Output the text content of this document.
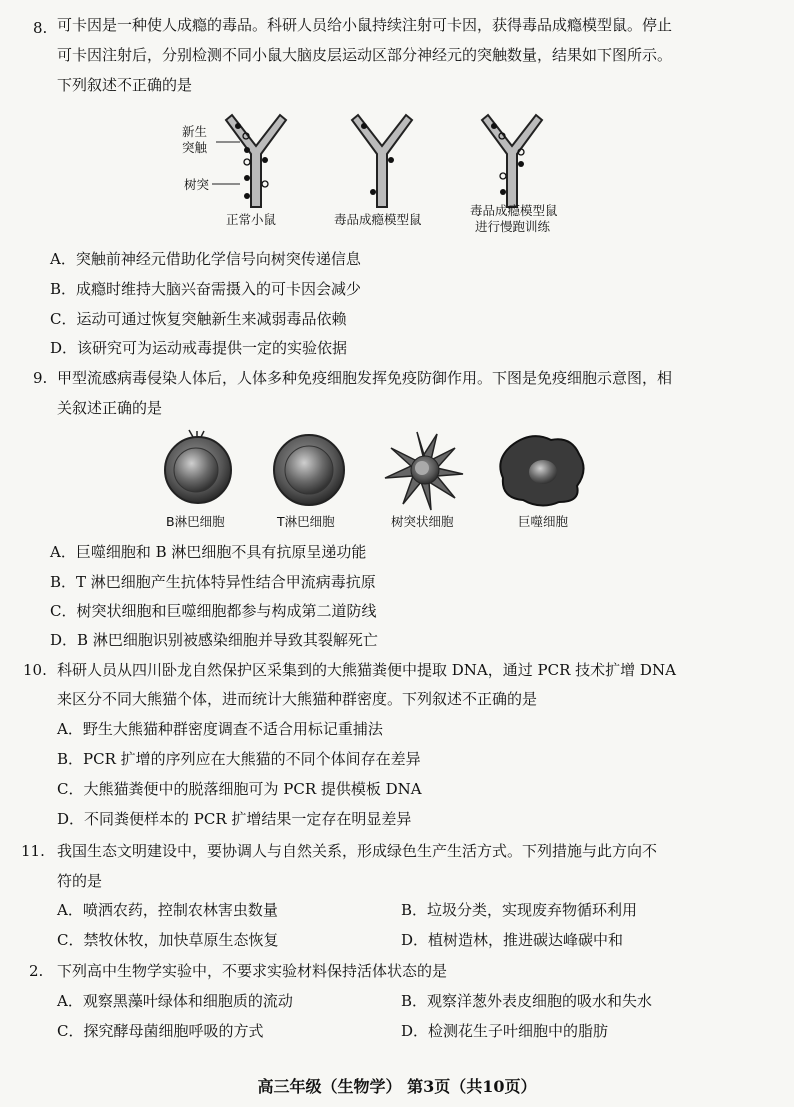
8. 可卡因是一种使人成瘾的毒品。科研人员给小鼠持续注射可卡因，获得毒品成瘾模型鼠。停止
可卡因注射后，分别检测不同小鼠大脑皮层运动区部分神经元的突触数量，结果如下图所示。
下列叙述不正确的是
新生
突触
树突
正常小鼠	毒品成瘾模型鼠
毒品成瘾模型鼠
进行慢跑训练
A．突触前神经元借助化学信号向树突传递信息
B．成瘾时维持大脑兴奋需摄入的可卡因会减少
C．运动可通过恢复突触新生来减弱毒品依赖
D．该研究可为运动戒毒提供一定的实验依据
9. 甲型流感病毒侵染人体后，人体多种免疫细胞发挥免疫防御作用。下图是免疫细胞示意图，相
关叙述正确的是
B淋巴细胞	T淋巴细胞	树突状细胞	巨噬细胞
A．巨噬细胞和 B 淋巴细胞不具有抗原呈递功能
B．T 淋巴细胞产生抗体特异性结合甲流病毒抗原
C．树突状细胞和巨噬细胞都参与构成第二道防线
D．B 淋巴细胞识别被感染细胞并导致其裂解死亡
10. 科研人员从四川卧龙自然保护区采集到的大熊猫粪便中提取 DNA，通过 PCR 技术扩增 DNA
来区分不同大熊猫个体，进而统计大熊猫种群密度。下列叙述不正确的是
A．野生大熊猫种群密度调查不适合用标记重捕法
B．PCR 扩增的序列应在大熊猫的不同个体间存在差异
C．大熊猫粪便中的脱落细胞可为 PCR 提供模板 DNA
D．不同粪便样本的 PCR 扩增结果一定存在明显差异
11. 我国生态文明建设中，要协调人与自然关系，形成绿色生产生活方式。下列措施与此方向不
符的是
A．喷洒农药，控制农林害虫数量	B．垃圾分类，实现废弃物循环利用
C．禁牧休牧，加快草原生态恢复	D．植树造林，推进碳达峰碳中和
2. 下列高中生物学实验中，不要求实验材料保持活体状态的是
A．观察黑藻叶绿体和细胞质的流动	B．观察洋葱外表皮细胞的吸水和失水
C．探究酵母菌细胞呼吸的方式	D．检测花生子叶细胞中的脂肪
高三年级（生物学） 第3页（共10页）
